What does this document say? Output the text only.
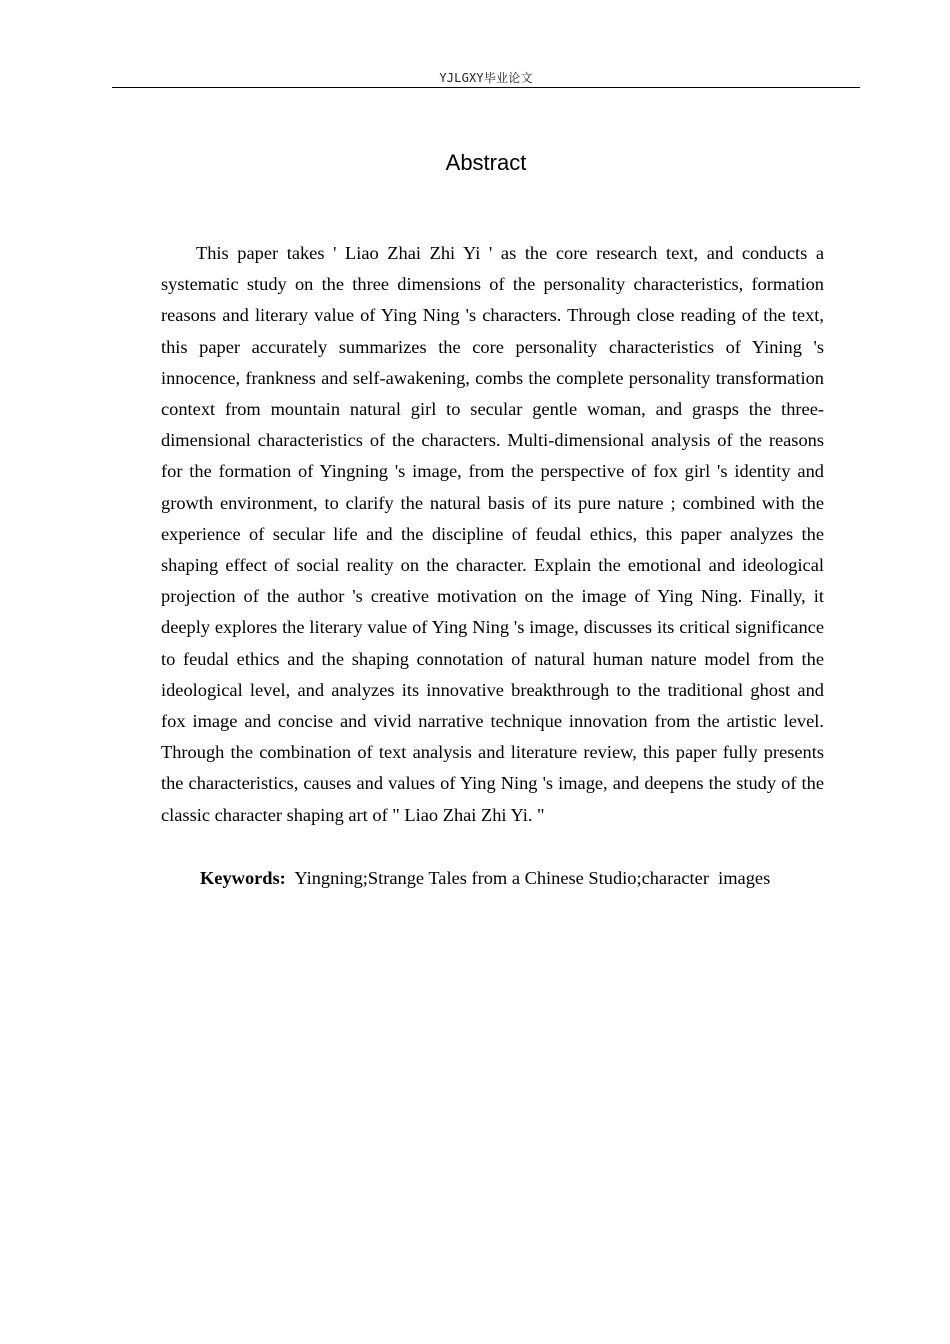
YJLGXY毕业论文
Abstract

This paper takes ' Liao Zhai Zhi Yi ' as the core research text, and conducts a systematic study on the three dimensions of the personality characteristics, formation reasons and literary value of Ying Ning 's characters. Through close reading of the text, this paper accurately summarizes the core personality characteristics of Yining 's innocence, frankness and self-awakening, combs the complete personality transformation context from mountain natural girl to secular gentle woman, and grasps the three-dimensional characteristics of the characters. Multi-dimensional analysis of the reasons for the formation of Yingning 's image, from the perspective of fox girl 's identity and growth environment, to clarify the natural basis of its pure nature ; combined with the experience of secular life and the discipline of feudal ethics, this paper analyzes the shaping effect of social reality on the character. Explain the emotional and ideological projection of the author 's creative motivation on the image of Ying Ning. Finally, it deeply explores the literary value of Ying Ning 's image, discusses its critical significance to feudal ethics and the shaping connotation of natural human nature model from the ideological level, and analyzes its innovative breakthrough to the traditional ghost and fox image and concise and vivid narrative technique innovation from the artistic level. Through the combination of text analysis and literature review, this paper fully presents the characteristics, causes and values of Ying Ning 's image, and deepens the study of the classic character shaping art of " Liao Zhai Zhi Yi. "

Keywords: Yingning;Strange Tales from a Chinese Studio;character  images
